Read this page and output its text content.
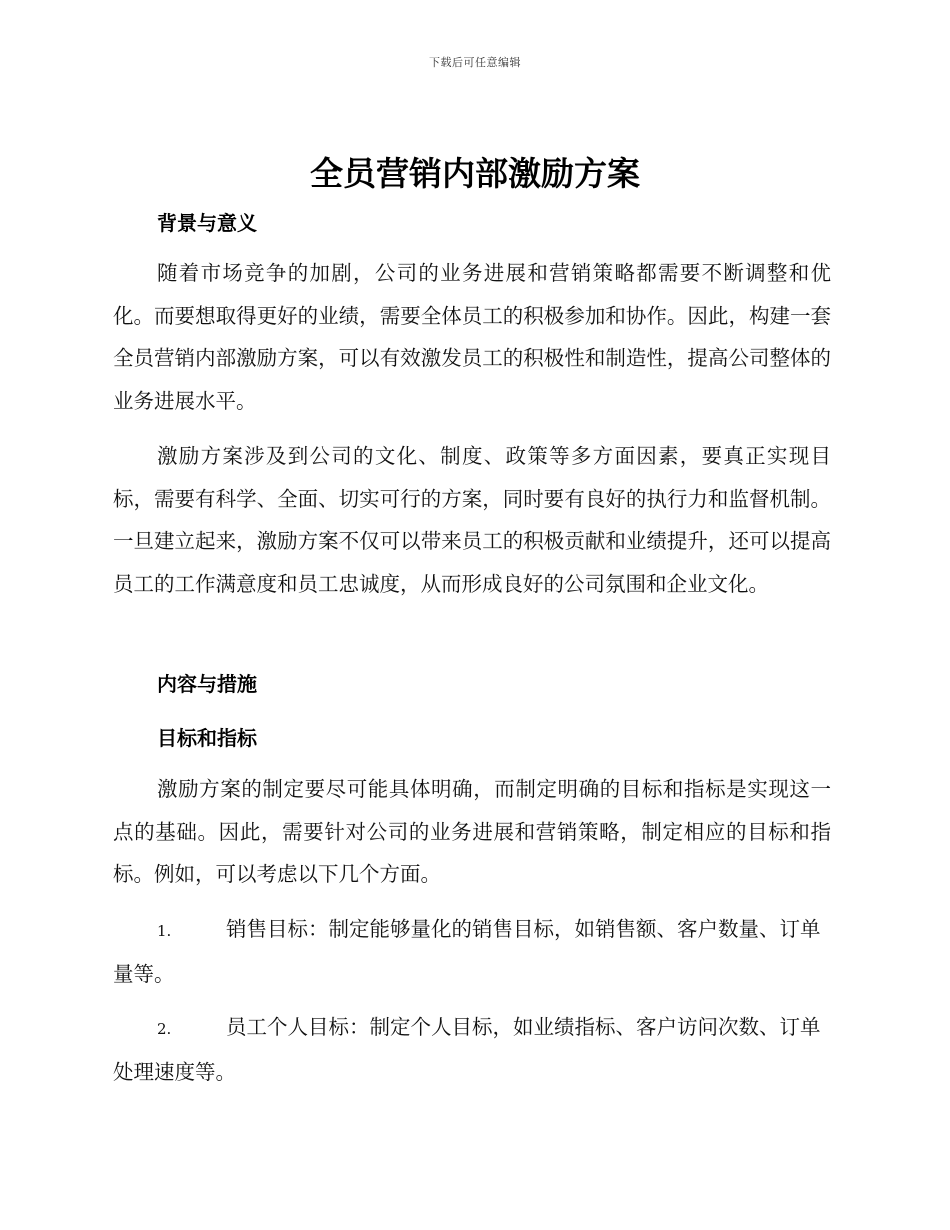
下载后可任意编辑
全员营销内部激励方案
背景与意义

随着市场竞争的加剧，公司的业务进展和营销策略都需要不断调整和优化。而要想取得更好的业绩，需要全体员工的积极参加和协作。因此，构建一套全员营销内部激励方案，可以有效激发员工的积极性和制造性，提高公司整体的业务进展水平。

激励方案涉及到公司的文化、制度、政策等多方面因素，要真正实现目标，需要有科学、全面、切实可行的方案，同时要有良好的执行力和监督机制。一旦建立起来，激励方案不仅可以带来员工的积极贡献和业绩提升，还可以提高员工的工作满意度和员工忠诚度，从而形成良好的公司氛围和企业文化。

内容与措施
目标和指标

激励方案的制定要尽可能具体明确，而制定明确的目标和指标是实现这一点的基础。因此，需要针对公司的业务进展和营销策略，制定相应的目标和指标。例如，可以考虑以下几个方面。

1.	销售目标：制定能够量化的销售目标，如销售额、客户数量、订单量等。

2.	员工个人目标：制定个人目标，如业绩指标、客户访问次数、订单处理速度等。
